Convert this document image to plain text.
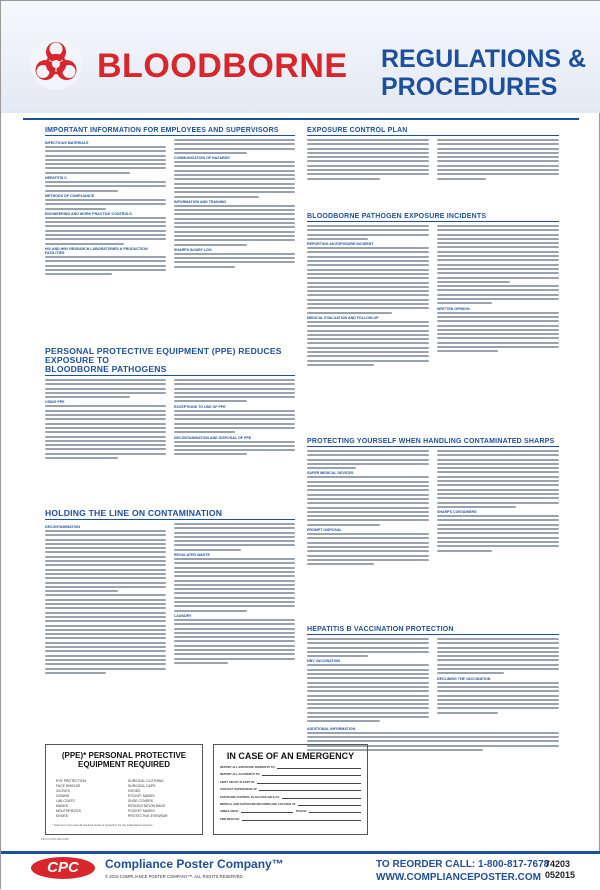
BLOODBORNE REGULATIONS &
PROCEDURES
IMPORTANT INFORMATION FOR EMPLOYEES AND SUPERVISORS
INFECTIOUS MATERIALS
HEPATITIS C
METHODS OF COMPLIANCE
ENGINEERING AND WORK PRACTICE CONTROLS
HIV AND HBV RESEARCH LABORATORIES & PRODUCTION FACILITIES
COMMUNICATION OF HAZARDS
INFORMATION AND TRAINING
SHARPS INJURY LOG
EXPOSURE CONTROL PLAN
BLOODBORNE PATHOGEN EXPOSURE INCIDENTS
REPORTING AN EXPOSURE INCIDENT
MEDICAL EVALUATION AND FOLLOW-UP
WRITTEN OPINION
PERSONAL PROTECTIVE EQUIPMENT (PPE) REDUCES EXPOSURE TO
BLOODBORNE PATHOGENS
USING PPE
EXCEPTIONS TO USE OF PPE
DECONTAMINATION AND DISPOSAL OF PPE
PROTECTING YOURSELF WHEN HANDLING CONTAMINATED SHARPS
SAFER MEDICAL DEVICES
PROMPT DISPOSAL
SHARPS CONTAINERS
HOLDING THE LINE ON CONTAMINATION
DECONTAMINATION
REGULATED WASTE
LAUNDRY
HEPATITIS B VACCINATION PROTECTION
HBV VACCINATION
DECLINING THE VACCINATION
ADDITIONAL INFORMATION
(PPE)* PERSONAL PROTECTIVE
EQUIPMENT REQUIRED
EYE PROTECTION
FACE SHIELDS
GLOVES
GOWNS
LAB COATS
MASKS
MOUTHPIECES
SHOES
SURGICAL CLOTHING
SURGICAL CAPS
HOODS
POCKET MASKS
SHOE COVERS
RESUSCITATION BAGS
POCKET MASKS
PROTECTIVE EYEWEAR
* Garment must meet all required levels of protection for the anticipated exposure.
IN CASE OF AN EMERGENCY
REPORT ALL EXPOSURE INCIDENTS TO:
REPORT ALL ACCIDENTS TO:
FIRST AID KIT IS KEPT IN:
CONTACT SUPERVISOR AT:
EXPOSURE CONTROL PLAN AVAILABLE AT:
MEDICAL AND EXPOSURE RECORDS ARE LOCATED AT:
AMBULANCE:	POLICE:
FIRE RESCUE:
Part (#) CFR 1910.1030
CPC	Compliance Poster Company™
© 2019 COMPLIANCE POSTER COMPANY™. ALL RIGHTS RESERVED.
TO REORDER CALL: 1-800-817-7678
WWW.COMPLIANCEPOSTER.COM
74203
052015
